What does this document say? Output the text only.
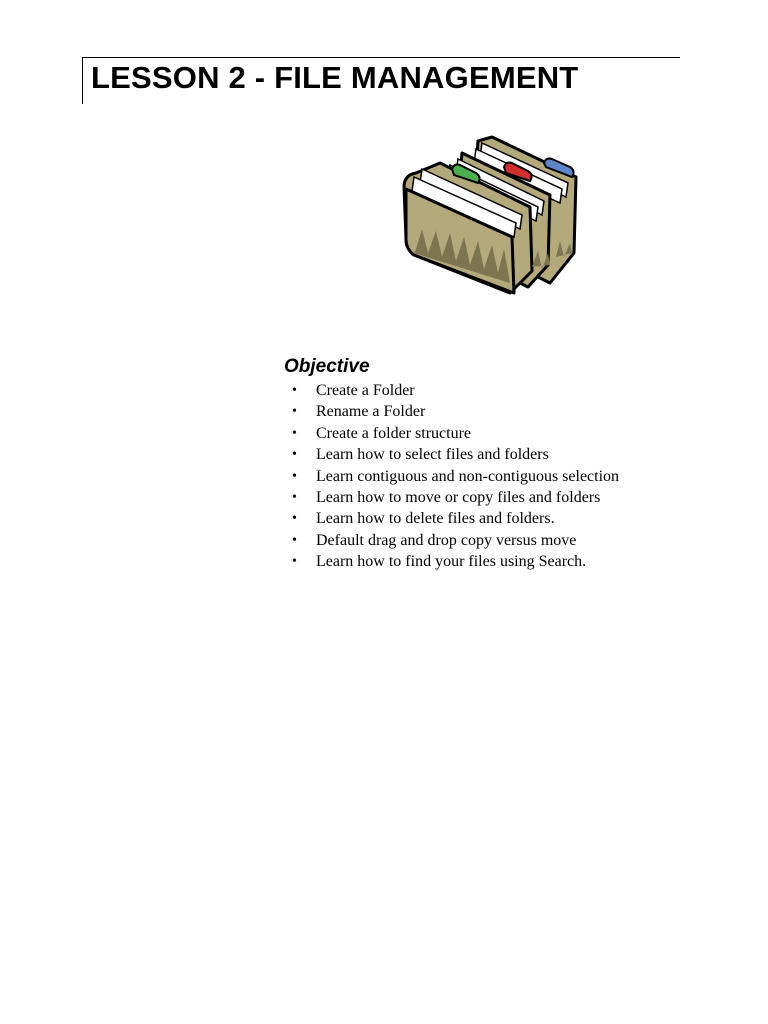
LESSON 2 - FILE MANAGEMENT
Objective
• Create a Folder
• Rename a Folder
• Create a folder structure
• Learn how to select files and folders
• Learn contiguous and non-contiguous selection
• Learn how to move or copy files and folders
• Learn how to delete files and folders.
• Default drag and drop copy versus move
• Learn how to find your files using Search.
